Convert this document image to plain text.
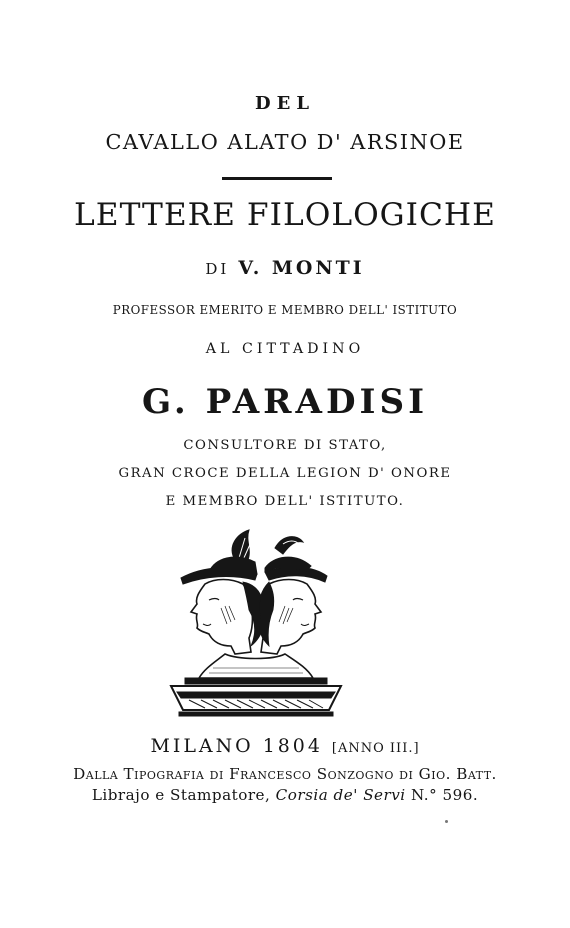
DEL
CAVALLO ALATO D' ARSINOE
LETTERE FILOLOGICHE
DI V. MONTI
PROFESSOR EMERITO E MEMBRO DELL' ISTITUTO
AL CITTADINO
G. PARADISI
CONSULTORE DI STATO,
GRAN CROCE DELLA LEGION D' ONORE
E MEMBRO DELL' ISTITUTO.
MILANO 1804 [ANNO III.]
Dalla Tipografia di Francesco Sonzogno di Gio. Batt.
Librajo e Stampatore, Corsia de' Servi N.° 596.
